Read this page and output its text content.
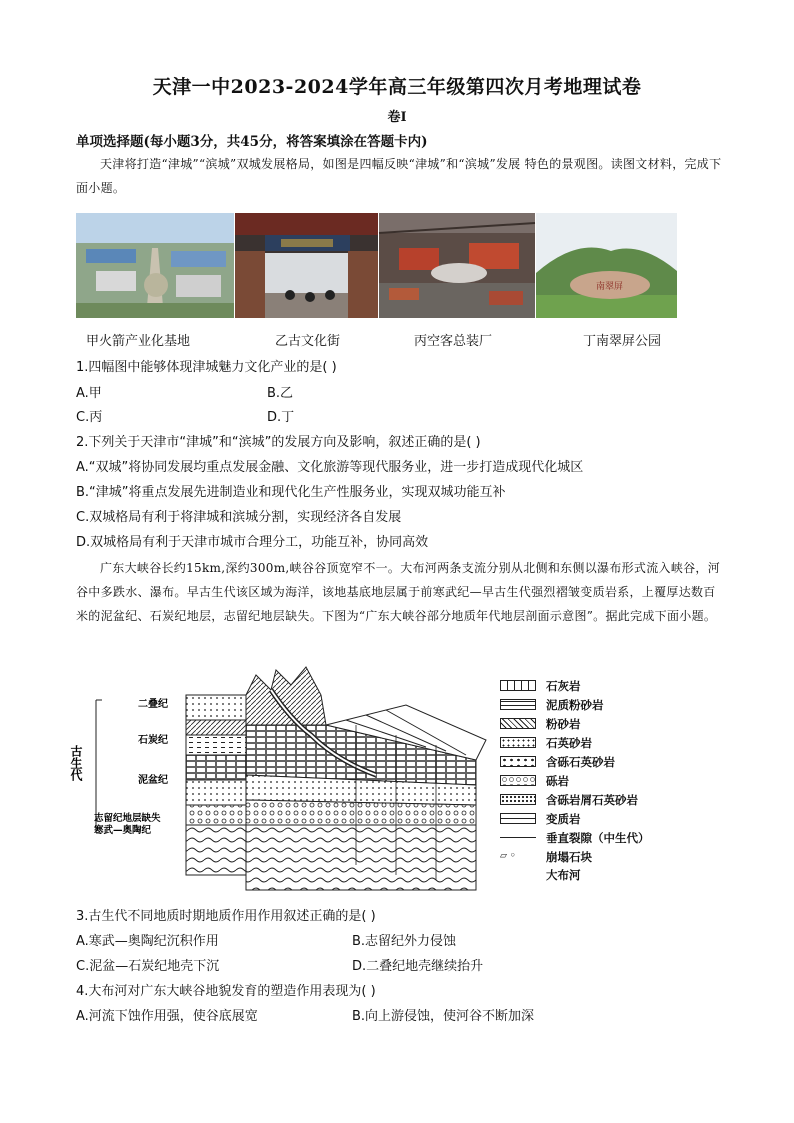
天津一中2023-2024学年高三年级第四次月考地理试卷
卷I
单项选择题(每小题3分，共45分，将答案填涂在答题卡内)
天津将打造“津城”“滨城”双城发展格局，如图是四幅反映“津城”和“滨城”发展 特色的景观图。读图文材料，完成下面小题。
南翠屏
甲火箭产业化基地	乙古文化街	丙空客总装厂	丁南翠屏公园
1.四幅图中能够体现津城魅力文化产业的是( )
A.甲	B.乙
C.丙	D.丁
2.下列关于天津市“津城”和“滨城”的发展方向及影响，叙述正确的是( )
A.“双城”将协同发展均重点发展金融、文化旅游等现代服务业，进一步打造成现代化城区
B.“津城”将重点发展先进制造业和现代化生产性服务业，实现双城功能互补
C.双城格局有利于将津城和滨城分割，实现经济各自发展
D.双城格局有利于天津市城市合理分工，功能互补，协同高效
广东大峡谷长约15km,深约300m,峡谷谷顶宽窄不一。大布河两条支流分别从北侧和东侧以瀑布形式流入峡谷，河谷中多跌水、瀑布。早古生代该区域为海洋，该地基底地层属于前寒武纪—早古生代强烈褶皱变质岩系，上覆厚达数百米的泥盆纪、石炭纪地层，志留纪地层缺失。下图为“广东大峡谷部分地质年代地层剖面示意图”。据此完成下面小题。
古生代
二叠纪
石炭纪
泥盆纪
志留纪地层缺失
寒武—奥陶纪
石灰岩
泥质粉砂岩
粉砂岩
石英砂岩
含砾石英砂岩
砾岩
含砾岩屑石英砂岩
变质岩
垂直裂隙（中生代）
▱ ◦	崩塌石块
大布河
3.古生代不同地质时期地质作用作用叙述正确的是( )
A.寒武—奥陶纪沉积作用	B.志留纪外力侵蚀
C.泥盆—石炭纪地壳下沉	D.二叠纪地壳继续抬升
4.大布河对广东大峡谷地貌发育的塑造作用表现为( )
A.河流下蚀作用强，使谷底展宽	B.向上游侵蚀，使河谷不断加深
